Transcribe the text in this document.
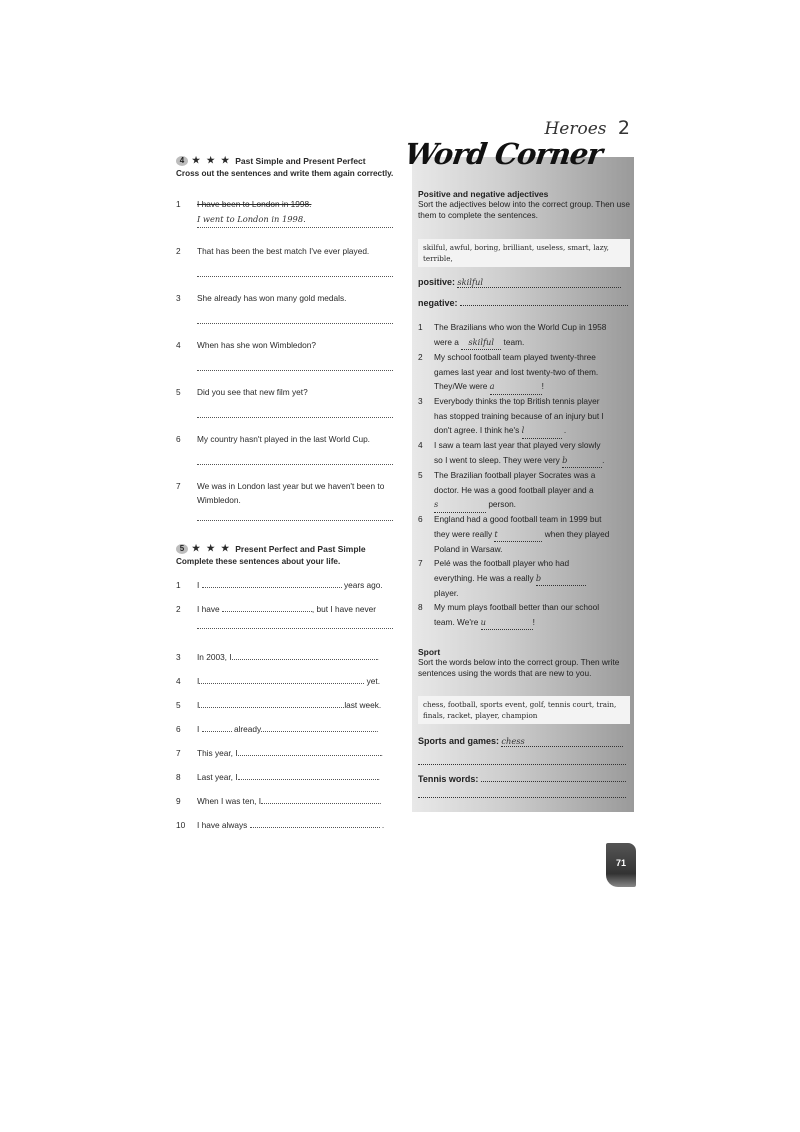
Heroes 2
4 ★ ★ ★ Past Simple and Present Perfect
Cross out the sentences and write them again correctly.
1 I have been to London in 1998.
I went to London in 1998.
2 That has been the best match I've ever played.
3 She already has won many gold medals.
4 When has she won Wimbledon?
5 Did you see that new film yet?
6 My country hasn't played in the last World Cup.
7 We was in London last year but we haven't been to Wimbledon.
5 ★ ★ ★ Present Perfect and Past Simple
Complete these sentences about your life.
1 I	years ago.
2 I have	, but I have never
3 In 2003, I	.
4 I	yet.
5 I	last week.
6 I	already	.
7 This year, I	.
8 Last year, I	.
9 When I was ten, I	.
10 I have always	.
Word Corner
Positive and negative adjectives
Sort the adjectives below into the correct group. Then use them to complete the sentences.
skilful, awful, boring, brilliant, useless, smart, lazy, terrible,
positive: skilful
negative:
1 The Brazilians who won the World Cup in 1958
were a skilful team.
2 My school football team played twenty-three
games last year and lost twenty-two of them.
They/We were a	!
3 Everybody thinks the top British tennis player
has stopped training because of an injury but I
don't agree. I think he's l	.
4 I saw a team last year that played very slowly
so I went to sleep. They were very b	.
5 The Brazilian football player Socrates was a
doctor. He was a good football player and a
s	person.
6 England had a good football team in 1999 but
they were really t	when they played
Poland in Warsaw.
7 Pelé was the football player who had
everything. He was a really b
player.
8 My mum plays football better than our school
team. We're u	!
Sport
Sort the words below into the correct group. Then write sentences using the words that are new to you.
chess, football, sports event, golf, tennis court, train, finals, racket, player, champion
Sports and games: chess
Tennis words:
71
